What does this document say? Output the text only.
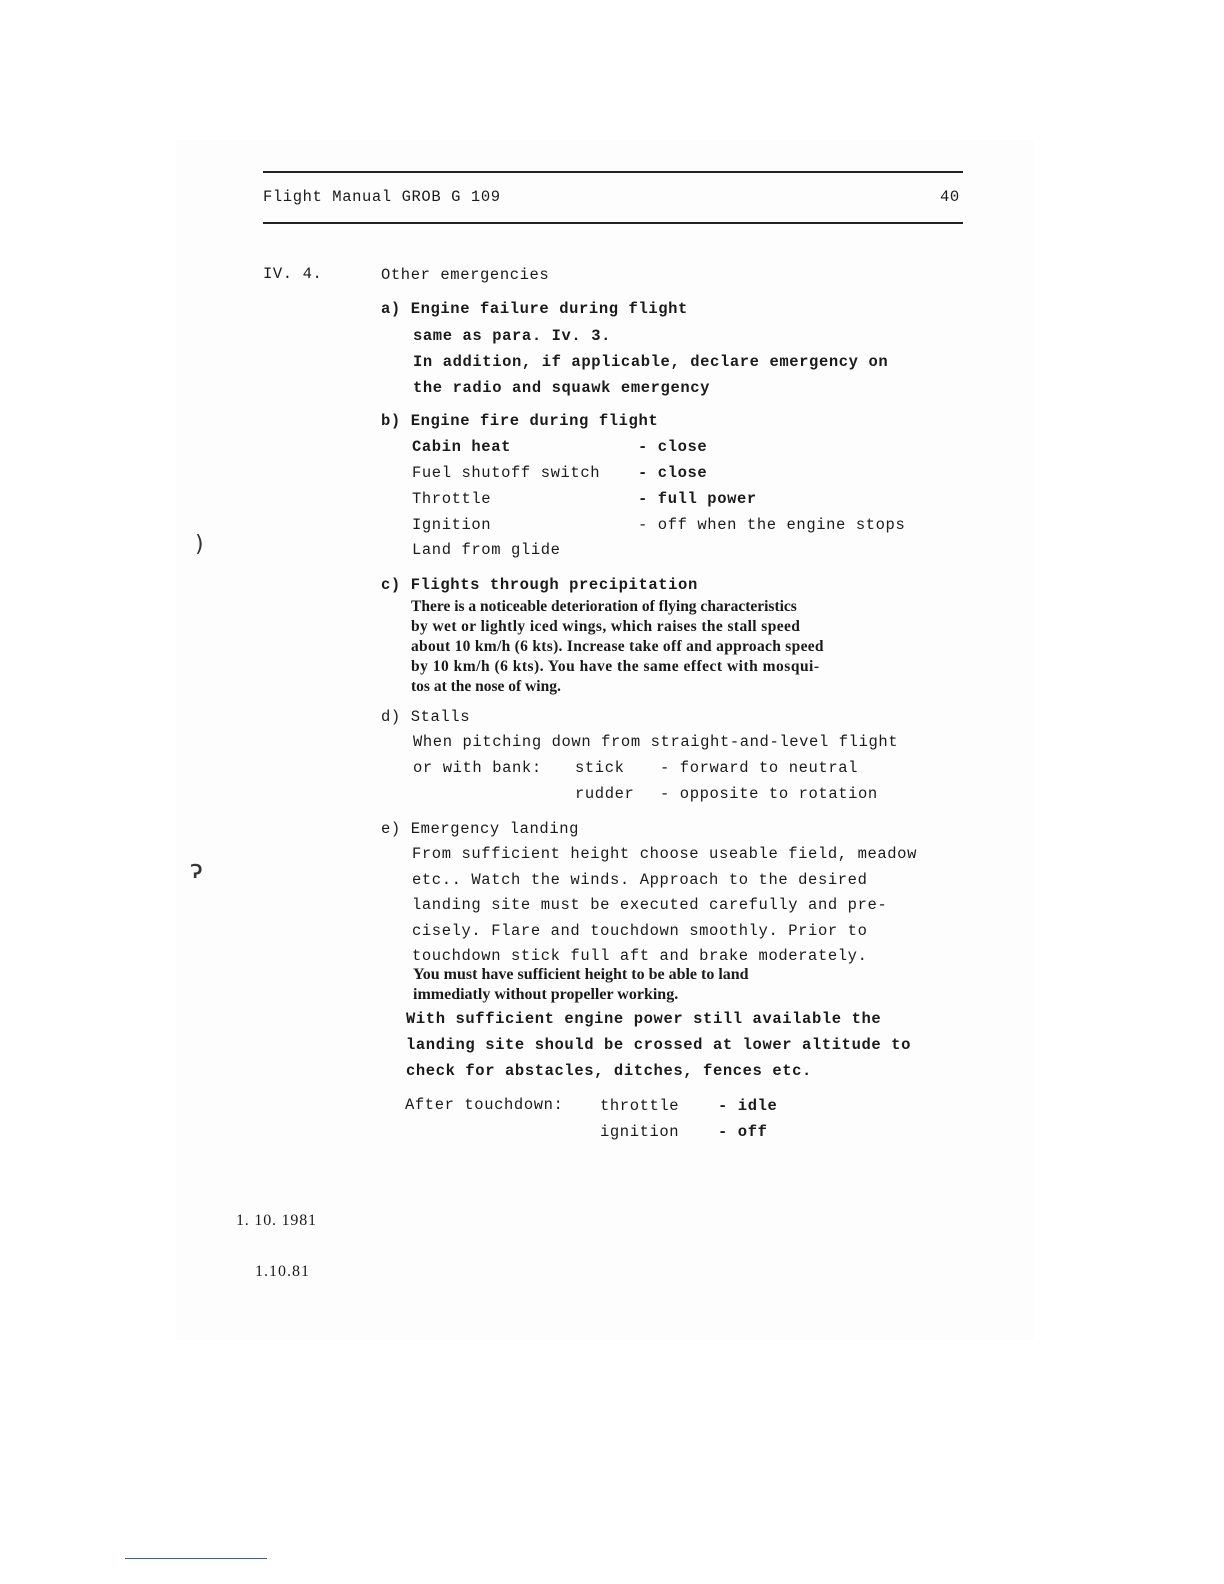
Flight Manual GROB G 109	40
IV. 4.	Other emergencies
a) Engine failure during flight
same as para. Iv. 3.
In addition, if applicable, declare emergency on
the radio and squawk emergency
b) Engine fire during flight
Cabin heat	- close
Fuel shutoff switch - close
Throttle	- full power
Ignition	- off when the engine stops
Land from glide
c) Flights through precipitation
There is a noticeable deterioration of flying characteristics
by wet or lightly iced wings, which raises the stall speed
about 10 km/h (6 kts). Increase take off and approach speed
by 10 km/h (6 kts). You have the same effect with mosqui-
tos at the nose of wing.
d) Stalls
When pitching down from straight-and-level flight
or with bank: stick - forward to neutral
rudder - opposite to rotation
e) Emergency landing
From sufficient height choose useable field, meadow
etc.. Watch the winds. Approach to the desired
landing site must be executed carefully and pre-
cisely. Flare and touchdown smoothly. Prior to
touchdown stick full aft and brake moderately.
You must have sufficient height to be able to land
immediatly without propeller working.
With sufficient engine power still available the
landing site should be crossed at lower altitude to
check for abstacles, ditches, fences etc.
After touchdown: throttle	- idle
ignition	- off
1. 10. 1981
1.10.81
)
ɂ
